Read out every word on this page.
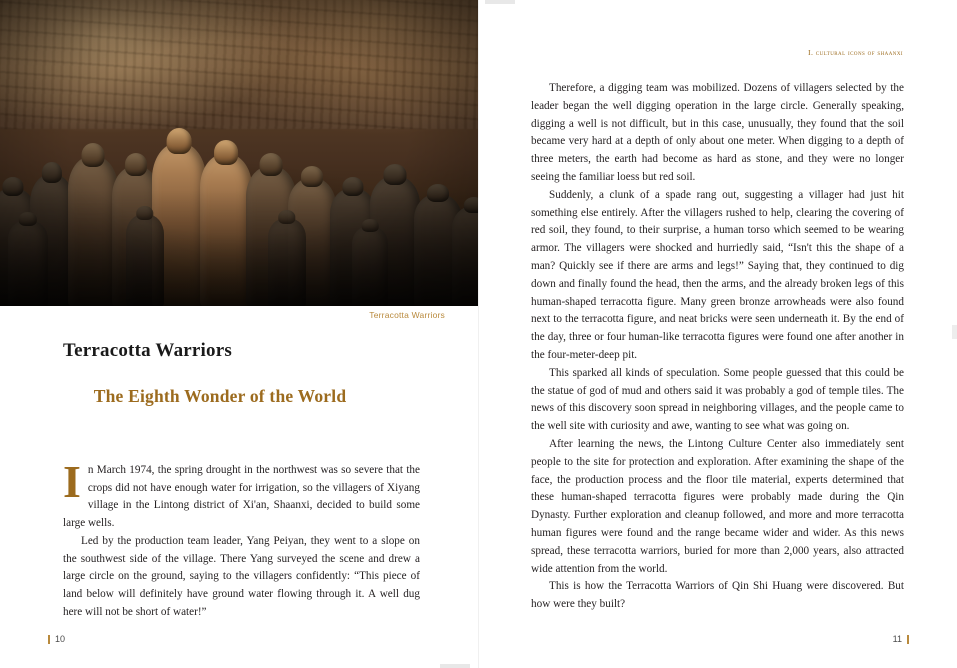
Terracotta Warriors
Terracotta Warriors
The Eighth Wonder of the World

In March 1974, the spring drought in the northwest was so severe that the crops did not have enough water for irrigation, so the villagers of Xiyang village in the Lintong district of Xi'an, Shaanxi, decided to build some large wells.

Led by the production team leader, Yang Peiyan, they went to a slope on the southwest side of the village. There Yang surveyed the scene and drew a large circle on the ground, saying to the villagers confidently: “This piece of land below will definitely have ground water flowing through it. A well dug here will not be short of water!”

10
I. cultural icons of shaanxi

Therefore, a digging team was mobilized. Dozens of villagers selected by the leader began the well digging operation in the large circle. Generally speaking, digging a well is not difficult, but in this case, unusually, they found that the soil became very hard at a depth of only about one meter. When digging to a depth of three meters, the earth had become as hard as stone, and they were no longer seeing the familiar loess but red soil.

Suddenly, a clunk of a spade rang out, suggesting a villager had just hit something else entirely. After the villagers rushed to help, clearing the covering of red soil, they found, to their surprise, a human torso which seemed to be wearing armor. The villagers were shocked and hurriedly said, “Isn't this the shape of a man? Quickly see if there are arms and legs!” Saying that, they continued to dig down and finally found the head, then the arms, and the already broken legs of this human-shaped terracotta figure. Many green bronze arrowheads were also found next to the terracotta figure, and neat bricks were seen underneath it. By the end of the day, three or four human-like terracotta figures were found one after another in the four-meter-deep pit.

This sparked all kinds of speculation. Some people guessed that this could be the statue of god of mud and others said it was probably a god of temple tiles. The news of this discovery soon spread in neighboring villages, and the people came to the well site with curiosity and awe, wanting to see what was going on.

After learning the news, the Lintong Culture Center also immediately sent people to the site for protection and exploration. After examining the shape of the face, the production process and the floor tile material, experts determined that these human-shaped terracotta figures were probably made during the Qin Dynasty. Further exploration and cleanup followed, and more and more terracotta human figures were found and the range became wider and wider. As this news spread, these terracotta warriors, buried for more than 2,000 years, also attracted wide attention from the world.

This is how the Terracotta Warriors of Qin Shi Huang were discovered. But how were they built?

11
